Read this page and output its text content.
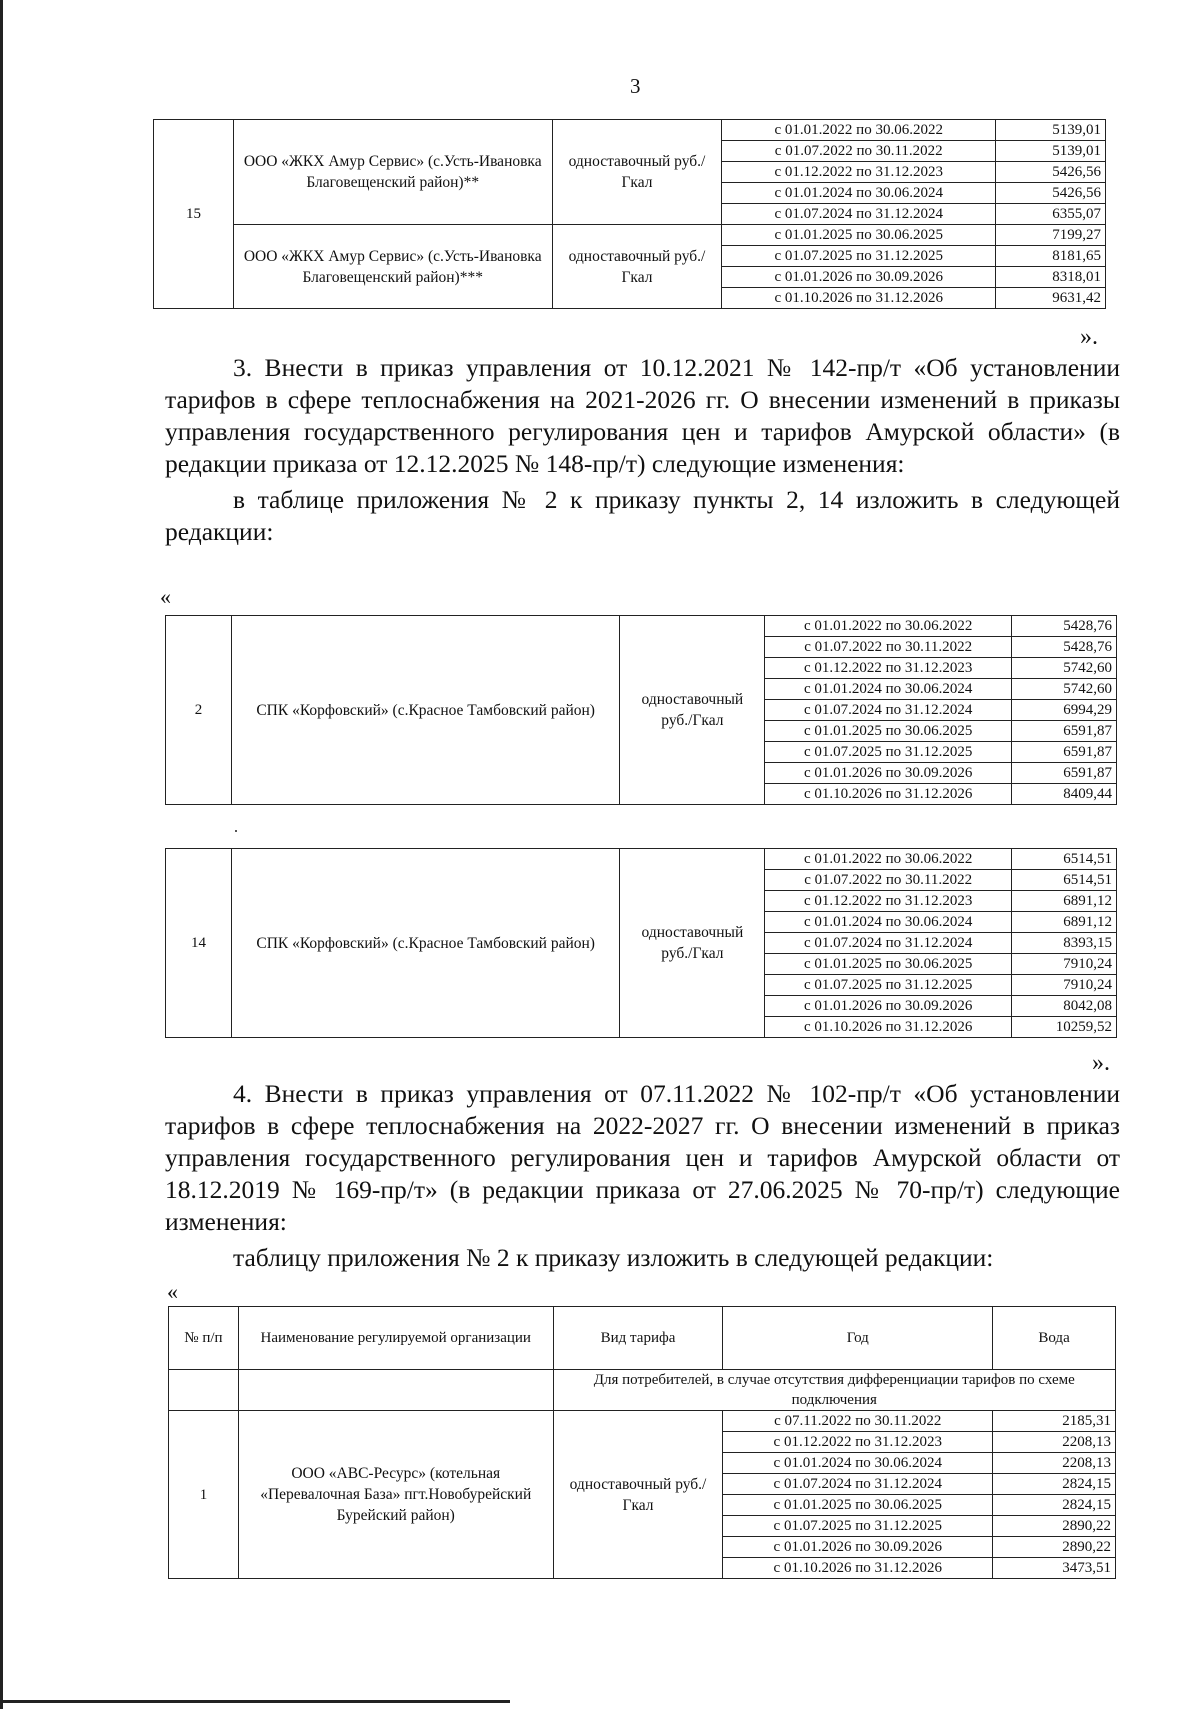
3
15	ООО «ЖКХ Амур Сервис» (с.Усть-Ивановка Благовещенский район)**	одноставочный руб./Гкал	с 01.01.2022 по 30.06.2022	5139,01
			с 01.07.2022 по 30.11.2022	5139,01
			с 01.12.2022 по 31.12.2023	5426,56
			с 01.01.2024 по 30.06.2024	5426,56
			с 01.07.2024 по 31.12.2024	6355,07
	ООО «ЖКХ Амур Сервис» (с.Усть-Ивановка Благовещенский район)***	одноставочный руб./Гкал	с 01.01.2025 по 30.06.2025	7199,27
			с 01.07.2025 по 31.12.2025	8181,65
			с 01.01.2026 по 30.09.2026	8318,01
			с 01.10.2026 по 31.12.2026	9631,42
».

3. Внести в приказ управления от 10.12.2021 № 142-пр/т «Об установлении тарифов в сфере теплоснабжения на 2021-2026 гг. О внесении изменений в приказы управления государственного регулирования цен и тарифов Амурской области» (в редакции приказа от 12.12.2025 № 148-пр/т) следующие изменения:

в таблице приложения № 2 к приказу пункты 2, 14 изложить в следующей редакции:

«
2	СПК «Корфовский» (с.Красное Тамбовский район)	одноставочный руб./Гкал	с 01.01.2022 по 30.06.2022	5428,76
			с 01.07.2022 по 30.11.2022	5428,76
			с 01.12.2022 по 31.12.2023	5742,60
			с 01.01.2024 по 30.06.2024	5742,60
			с 01.07.2024 по 31.12.2024	6994,29
			с 01.01.2025 по 30.06.2025	6591,87
			с 01.07.2025 по 31.12.2025	6591,87
			с 01.01.2026 по 30.09.2026	6591,87
			с 01.10.2026 по 31.12.2026	8409,44
14	СПК «Корфовский» (с.Красное Тамбовский район)	одноставочный руб./Гкал	с 01.01.2022 по 30.06.2022	6514,51
			с 01.07.2022 по 30.11.2022	6514,51
			с 01.12.2022 по 31.12.2023	6891,12
			с 01.01.2024 по 30.06.2024	6891,12
			с 01.07.2024 по 31.12.2024	8393,15
			с 01.01.2025 по 30.06.2025	7910,24
			с 01.07.2025 по 31.12.2025	7910,24
			с 01.01.2026 по 30.09.2026	8042,08
			с 01.10.2026 по 31.12.2026	10259,52
».

4. Внести в приказ управления от 07.11.2022 № 102-пр/т «Об установлении тарифов в сфере теплоснабжения на 2022-2027 гг. О внесении изменений в приказ управления государственного регулирования цен и тарифов Амурской области от 18.12.2019 № 169-пр/т» (в редакции приказа от 27.06.2025 № 70-пр/т) следующие изменения:

таблицу приложения № 2 к приказу изложить в следующей редакции:

«
№ п/п	Наименование регулируемой организации	Вид тарифа	Год	Вода
		Для потребителей, в случае отсутствия дифференциации тарифов по схеме подключения		
1	ООО «АВС-Ресурс» (котельная «Перевалочная База» пгт.Новобурейский Бурейский район)	одноставочный руб./Гкал	с 07.11.2022 по 30.11.2022	2185,31
			с 01.12.2022 по 31.12.2023	2208,13
			с 01.01.2024 по 30.06.2024	2208,13
			с 01.07.2024 по 31.12.2024	2824,15
			с 01.01.2025 по 30.06.2025	2824,15
			с 01.07.2025 по 31.12.2025	2890,22
			с 01.01.2026 по 30.09.2026	2890,22
			с 01.10.2026 по 31.12.2026	3473,51
